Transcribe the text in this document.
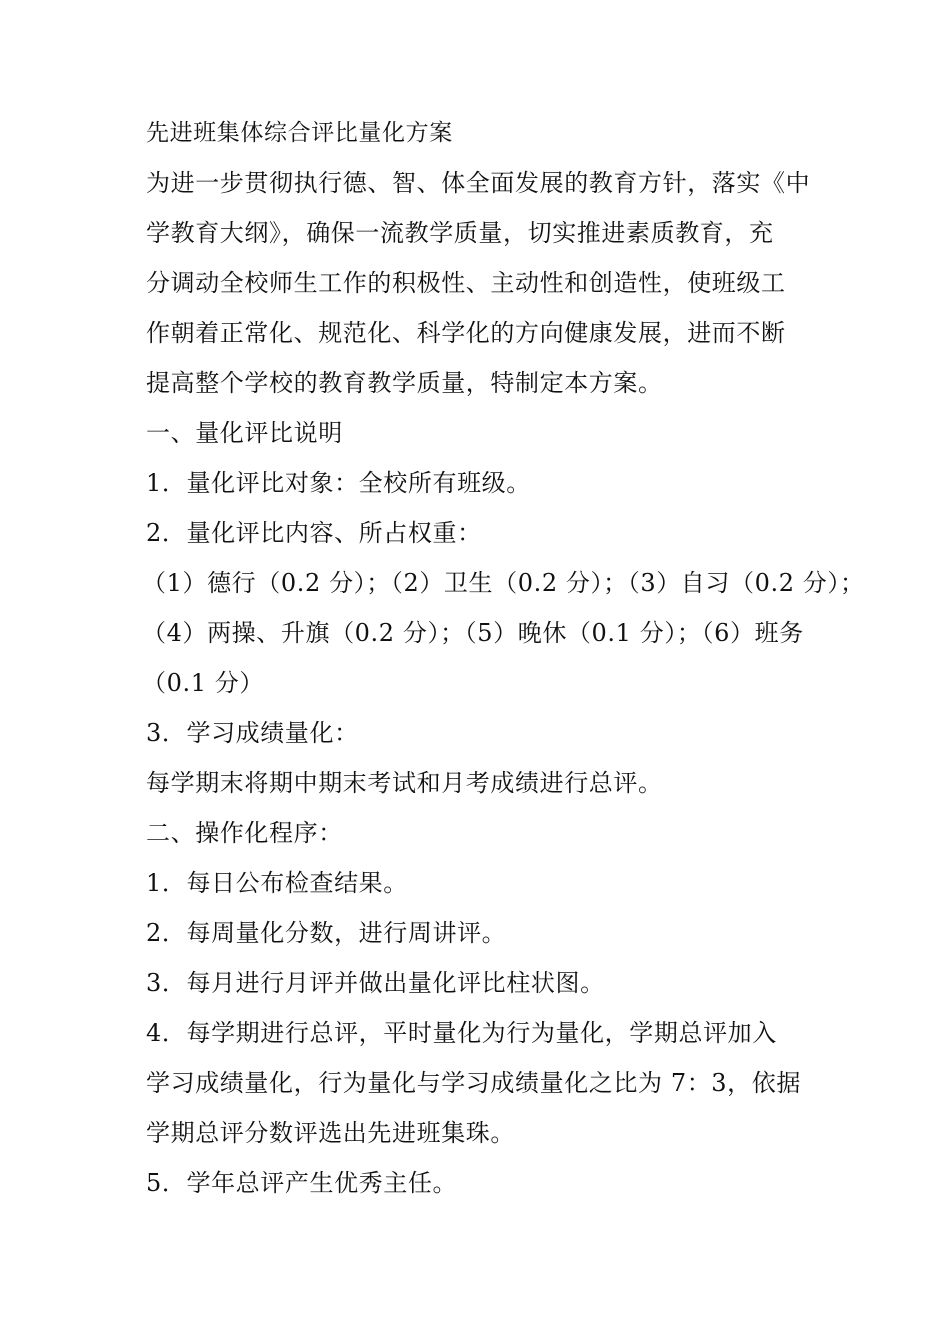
先进班集体综合评比量化方案
为进一步贯彻执行德、智、体全面发展的教育方针，落实《中
学教育大纲》，确保一流教学质量，切实推进素质教育，充
分调动全校师生工作的积极性、主动性和创造性，使班级工
作朝着正常化、规范化、科学化的方向健康发展，进而不断
提高整个学校的教育教学质量，特制定本方案。
一、量化评比说明
1．量化评比对象：全校所有班级。
2．量化评比内容、所占权重：
（1）德行（0.2 分）；（2）卫生（0.2 分）；（3）自习（0.2 分）；
（4）两操、升旗（0.2 分）；（5）晚休（0.1 分）；（6）班务
（0.1 分）
3．学习成绩量化：
每学期末将期中期末考试和月考成绩进行总评。
二、操作化程序：
1．每日公布检查结果。
2．每周量化分数，进行周讲评。
3．每月进行月评并做出量化评比柱状图。
4．每学期进行总评，平时量化为行为量化，学期总评加入
学习成绩量化，行为量化与学习成绩量化之比为 7：3，依据
学期总评分数评选出先进班集珠。
5．学年总评产生优秀主任。
